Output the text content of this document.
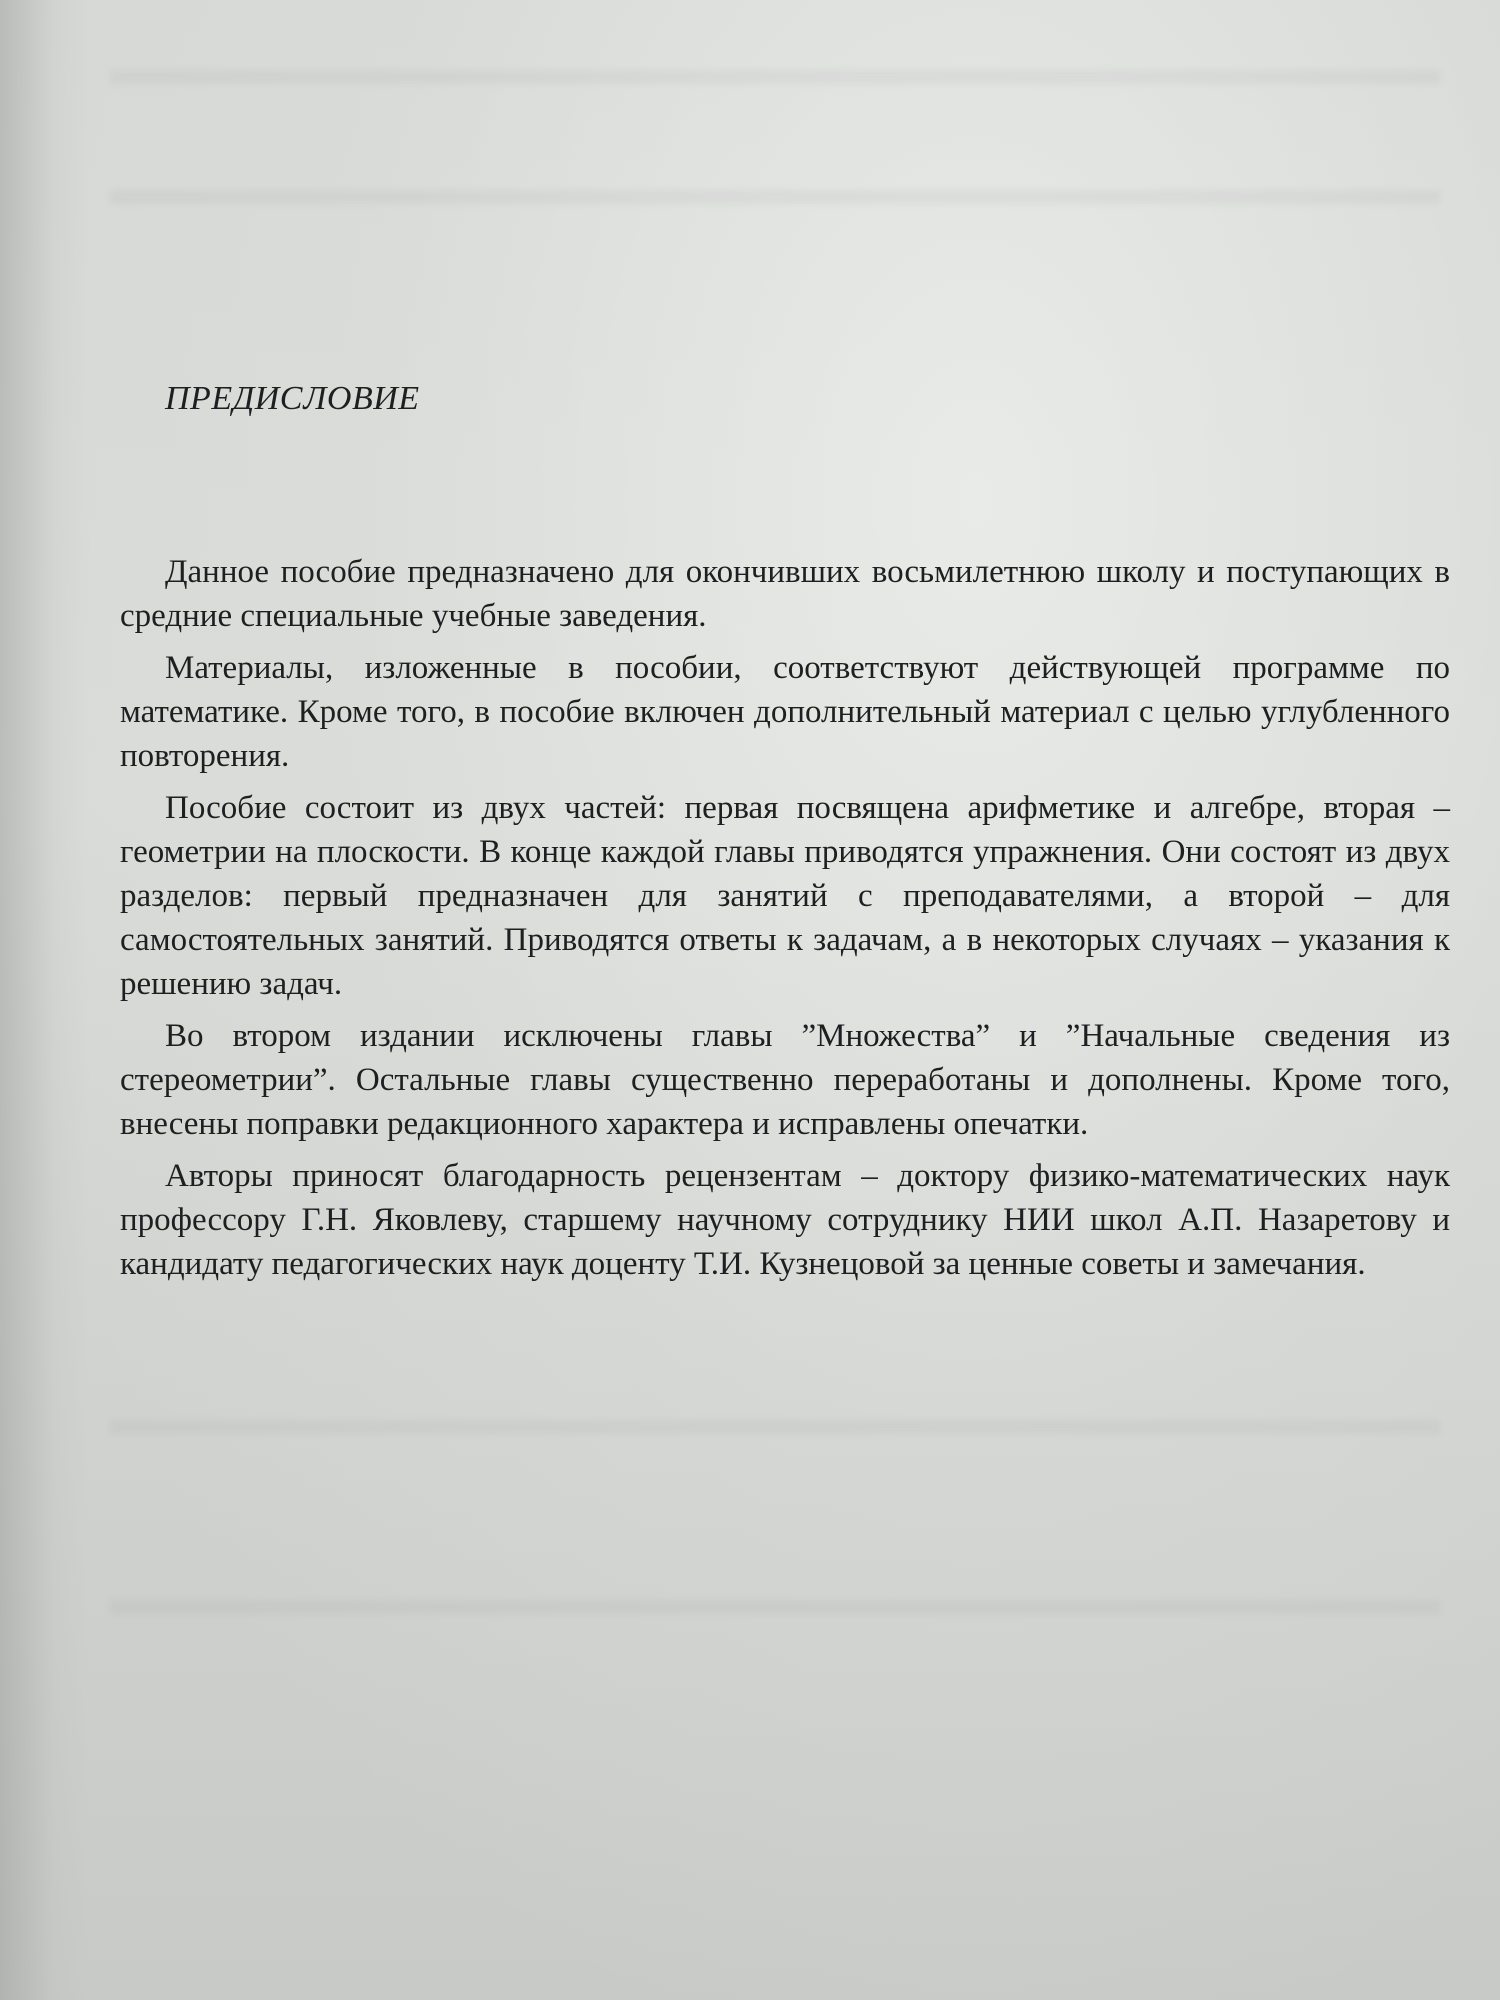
ПРЕДИСЛОВИЕ

Данное пособие предназначено для окончивших восьмилетнюю школу и поступающих в средние специальные учебные заведения.

Материалы, изложенные в пособии, соответствуют действующей программе по математике. Кроме того, в пособие включен дополнительный материал с целью углубленного повторения.

Пособие состоит из двух частей: первая посвящена арифметике и алгебре, вторая – геометрии на плоскости. В конце каждой главы приводятся упражнения. Они состоят из двух разделов: первый предназначен для занятий с преподавателями, а второй – для самостоятельных занятий. Приводятся ответы к задачам, а в некоторых случаях – указания к решению задач.

Во втором издании исключены главы ”Множества” и ”Начальные сведения из стереометрии”. Остальные главы существенно переработаны и дополнены. Кроме того, внесены поправки редакционного характера и исправлены опечатки.

Авторы приносят благодарность рецензентам – доктору физико-математических наук профессору Г.Н. Яковлеву, старшему научному сотруднику НИИ школ А.П. Назаретову и кандидату педагогических наук доценту Т.И. Кузнецовой за ценные советы и замечания.
